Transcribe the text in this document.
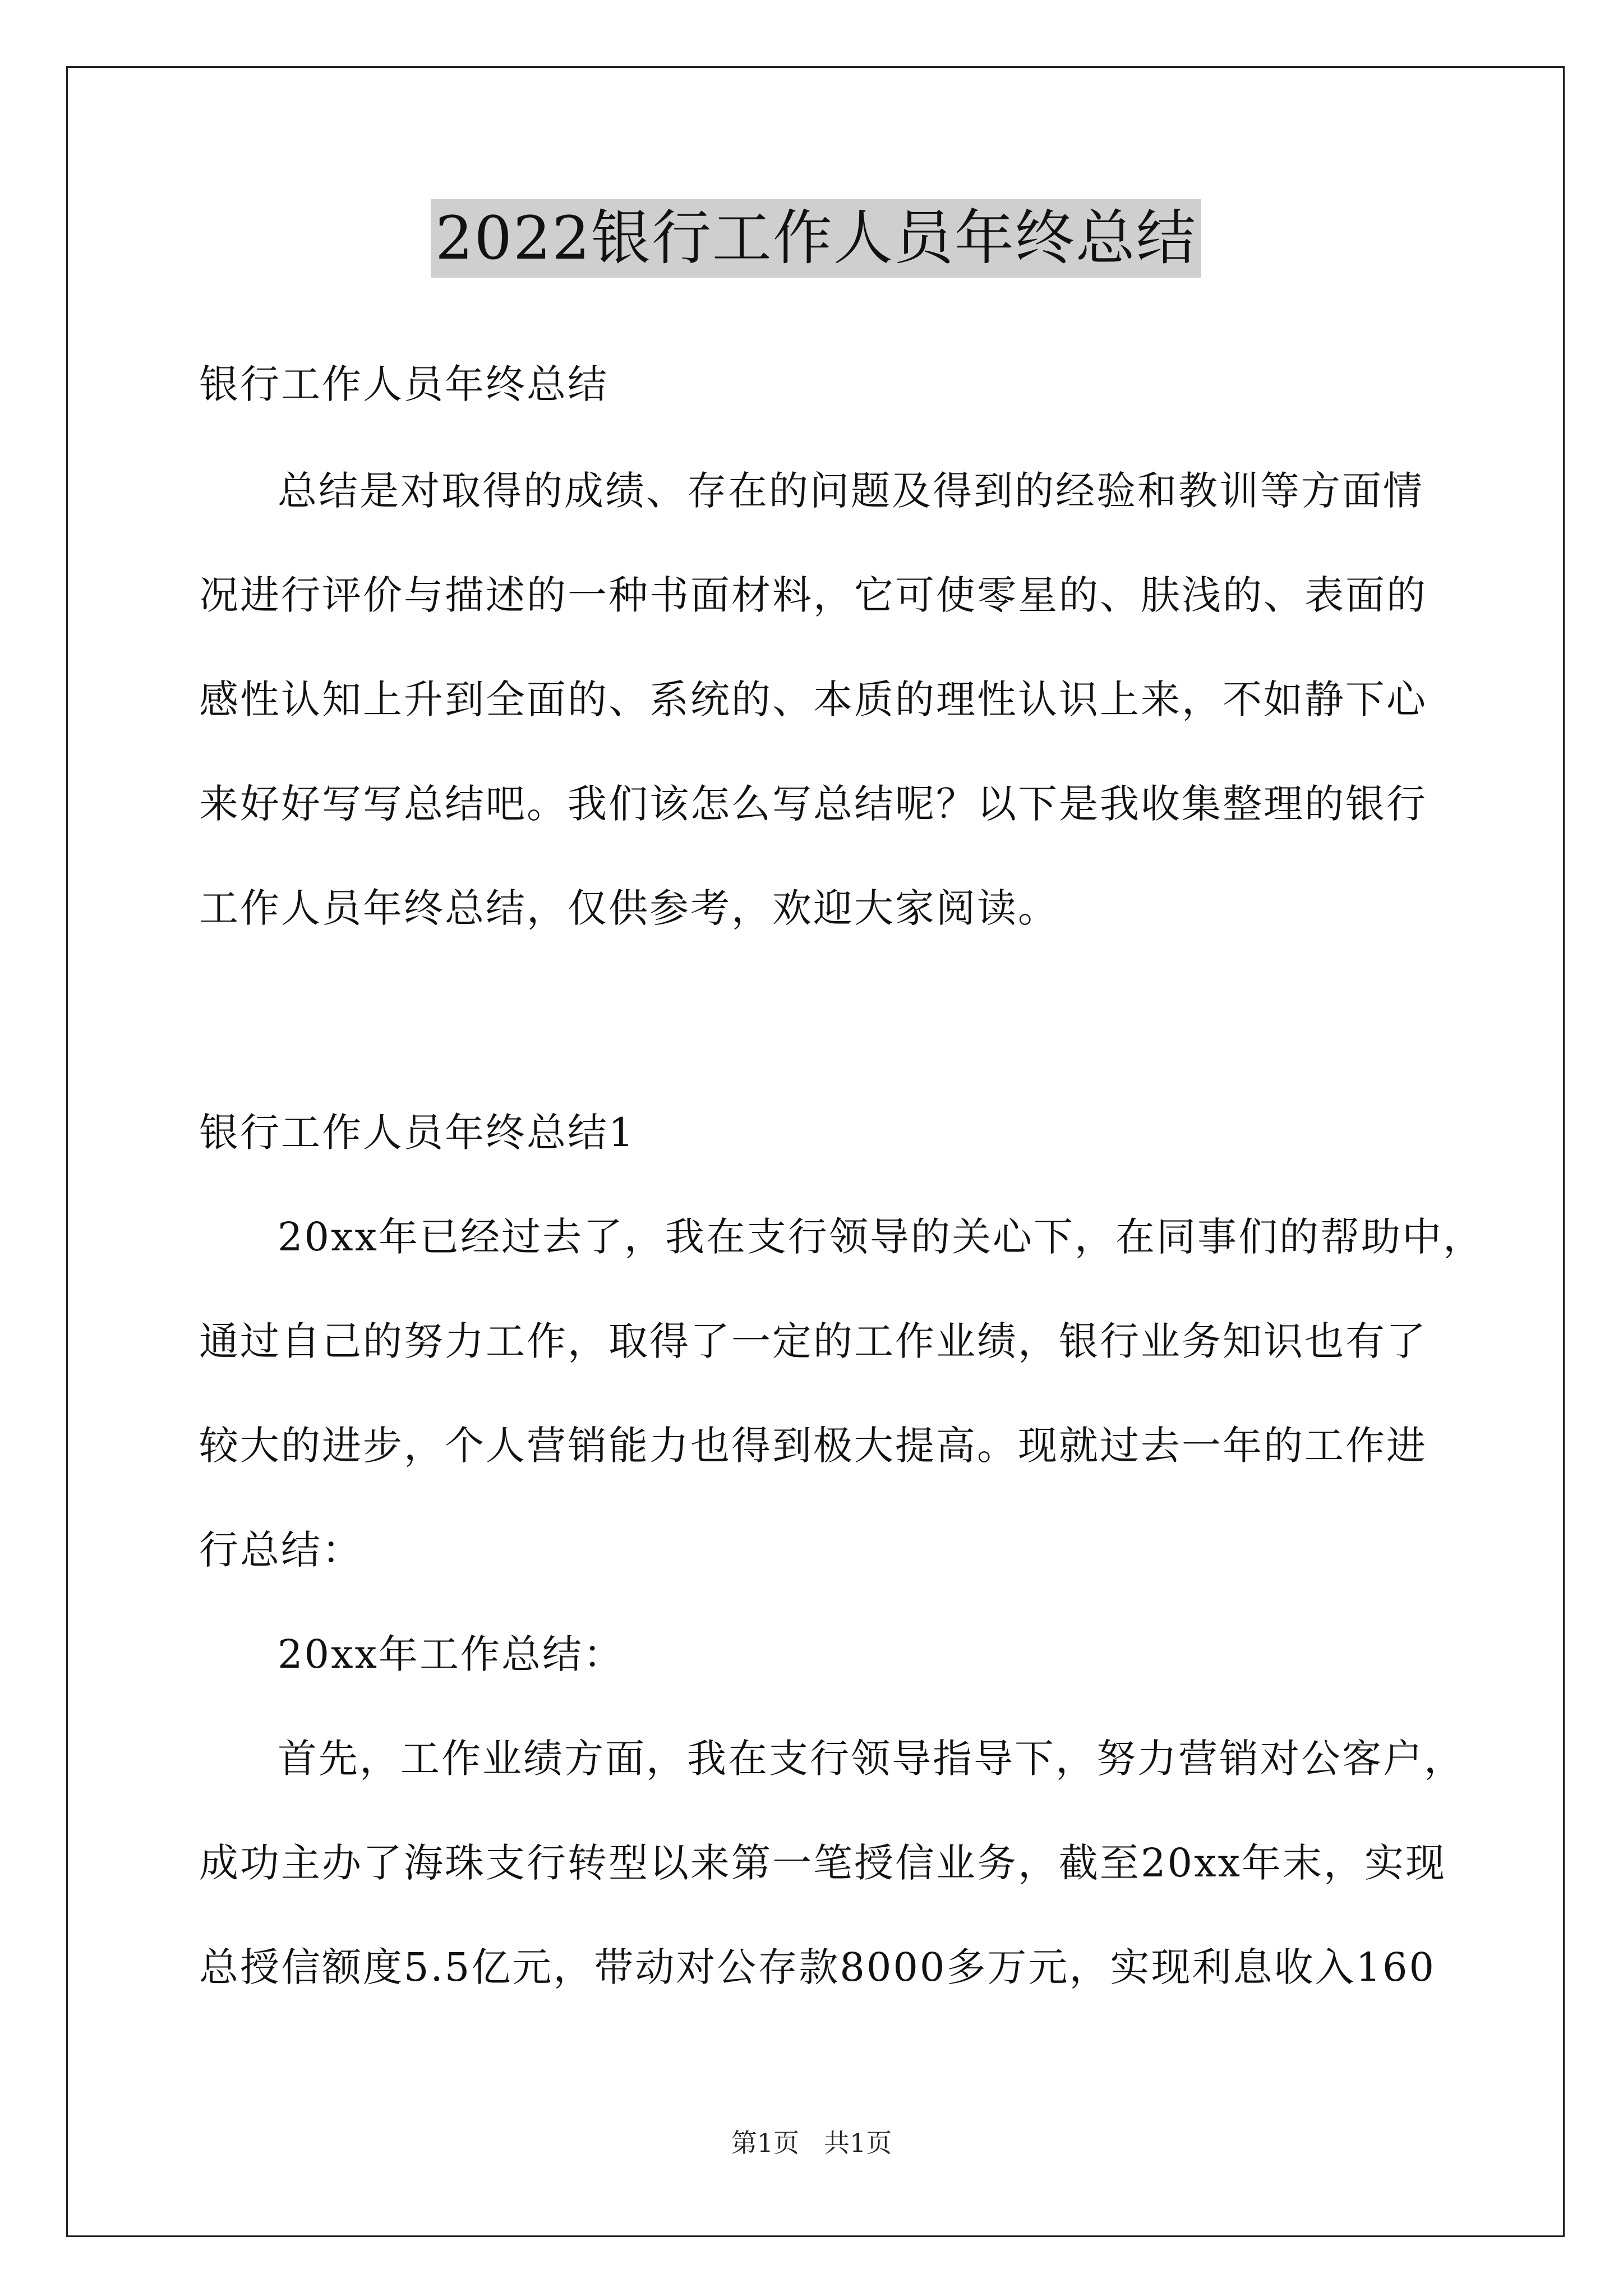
2022银行工作人员年终总结
银行工作人员年终总结
总结是对取得的成绩、存在的问题及得到的经验和教训等方面情
况进行评价与描述的一种书面材料，它可使零星的、肤浅的、表面的
感性认知上升到全面的、系统的、本质的理性认识上来，不如静下心
来好好写写总结吧。我们该怎么写总结呢？以下是我收集整理的银行
工作人员年终总结，仅供参考，欢迎大家阅读。
银行工作人员年终总结1
20xx年已经过去了，我在支行领导的关心下，在同事们的帮助中，
通过自己的努力工作，取得了一定的工作业绩，银行业务知识也有了
较大的进步，个人营销能力也得到极大提高。现就过去一年的工作进
行总结：
20xx年工作总结：
首先，工作业绩方面，我在支行领导指导下，努力营销对公客户，
成功主办了海珠支行转型以来第一笔授信业务，截至20xx年末，实现
总授信额度5.5亿元，带动对公存款8000多万元，实现利息收入160
第1页 共1页
